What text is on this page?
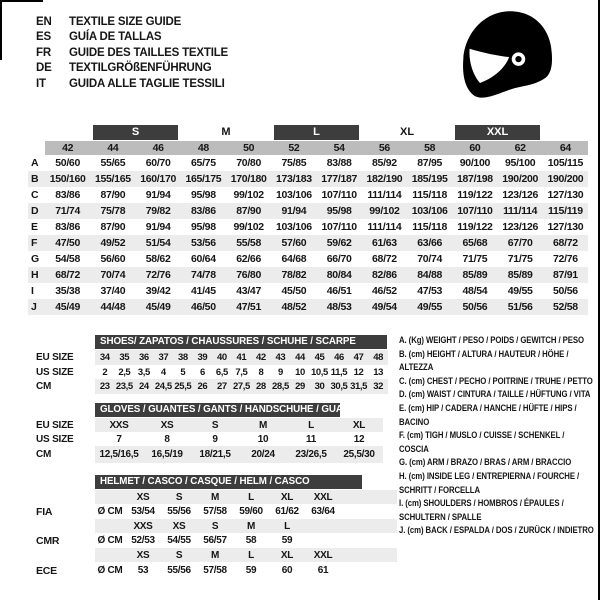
EN	TEXTILE SIZE GUIDE
ES	GUÍA DE TALLAS
FR	GUIDE DES TAILLES TEXTILE
DE	TEXTILGRÖßENFÜHRUNG
IT	GUIDA ALLE TAGLIE TESSILI

		S		M		L		XL		XXL		

	42	44	46	48	50	52	54	56	58	60	62	64
A	50/60	55/65	60/70	65/75	70/80	75/85	83/88	85/92	87/95	90/100	95/100	105/115
B	150/160	155/165	160/170	165/175	170/180	173/183	177/187	182/190	185/195	187/198	190/200	190/200
C	83/86	87/90	91/94	95/98	99/102	103/106	107/110	111/114	115/118	119/122	123/126	127/130
D	71/74	75/78	79/82	83/86	87/90	91/94	95/98	99/102	103/106	107/110	111/114	115/119
E	83/86	87/90	91/94	95/98	99/102	103/106	107/110	111/114	115/118	119/122	123/126	127/130
F	47/50	49/52	51/54	53/56	55/58	57/60	59/62	61/63	63/66	65/68	67/70	68/72
G	54/58	56/60	58/62	60/64	62/66	64/68	66/70	68/72	70/74	71/75	71/75	72/76
H	68/72	70/74	72/76	74/78	76/80	78/82	80/84	82/86	84/88	85/89	85/89	87/91
I	35/38	37/40	39/42	41/45	43/47	45/50	46/51	46/52	47/53	48/54	49/55	50/56
J	45/49	44/48	45/49	46/50	47/51	48/52	48/53	49/54	49/55	50/56	51/56	52/58

	SHOES/ ZAPATOS / CHAUSSURES / SCHUHE / SCARPE														

EU SIZE	34	35	36	37	38	39	40	41	42	43	44	45	46	47	48
US SIZE	2	2,5	3,5	4	5	6	6,5	7,5	8	9	10	10,5	11,5	12	13
CM	23	23,5	24	24,5	25,5	26	27	27,5	28	28,5	29	30	30,5	31,5	32

	GLOVES / GUANTES / GANTS / HANDSCHUHE / GUANTI					

EU SIZE	XXS	XS	S	M	L	XL
US SIZE	7	8	9	10	11	12
CM	12,5/16,5	16,5/19	18/21,5	20/24	23/26,5	25,5/30

	HELMET / CASCO / CASQUE / HELM / CASCO							

		XS	S	M	L	XL	XXL	
FIA	Ø CM	53/54	55/56	57/58	59/60	61/62	63/64	
		XXS	XS	S	M	L		
CMR	Ø CM	52/53	54/55	56/57	58	59		
		XS	S	M	L	XL	XXL	
ECE	Ø CM	53	55/56	57/58	59	60	61	
A. (Kg) WEIGHT / PESO / POIDS / GEWITCH / PESO
B. (cm) HEIGHT / ALTURA / HAUTEUR / HÖHE / ALTEZZA
C. (cm) CHEST / PECHO / POITRINE / TRUHE / PETTO
D. (cm) WAIST / CINTURA / TAILLE / HÜFTUNG / VITA
E. (cm) HIP / CADERA / HANCHE / HÜFTE / HIPS / BACINO
F. (cm) TIGH / MUSLO / CUISSE / SCHENKEL / COSCIA
G. (cm) ARM / BRAZO / BRAS / ARM / BRACCIO
H. (cm) INSIDE LEG / ENTREPIERNA / FOURCHE / SCHRITT / FORCELLA
I. (cm) SHOULDERS / HOMBROS / ÉPAULES / SCHULTERN / SPALLE
J. (cm) BACK / ESPALDA / DOS / ZURÜCK / INDIETRO
